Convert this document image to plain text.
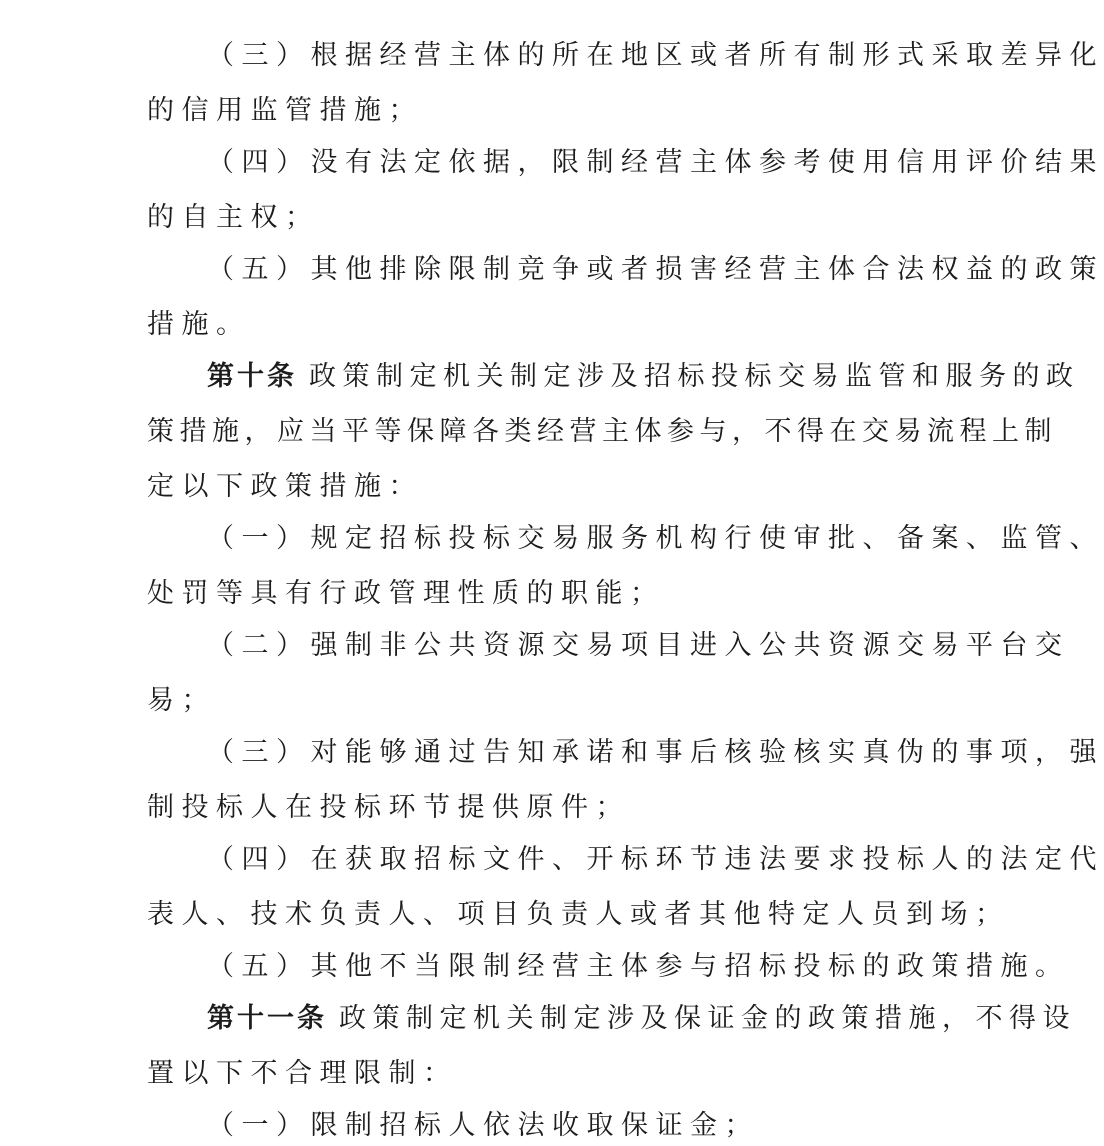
（三）根据经营主体的所在地区或者所有制形式采取差异化
的信用监管措施；
（四）没有法定依据，限制经营主体参考使用信用评价结果
的自主权；
（五）其他排除限制竞争或者损害经营主体合法权益的政策
措施。
第十条 政策制定机关制定涉及招标投标交易监管和服务的政
策措施，应当平等保障各类经营主体参与，不得在交易流程上制
定以下政策措施：
（一）规定招标投标交易服务机构行使审批、备案、监管、
处罚等具有行政管理性质的职能；
（二）强制非公共资源交易项目进入公共资源交易平台交
易；
（三）对能够通过告知承诺和事后核验核实真伪的事项，强
制投标人在投标环节提供原件；
（四）在获取招标文件、开标环节违法要求投标人的法定代
表人、技术负责人、项目负责人或者其他特定人员到场；
（五）其他不当限制经营主体参与招标投标的政策措施。
第十一条 政策制定机关制定涉及保证金的政策措施，不得设
置以下不合理限制：
（一）限制招标人依法收取保证金；
